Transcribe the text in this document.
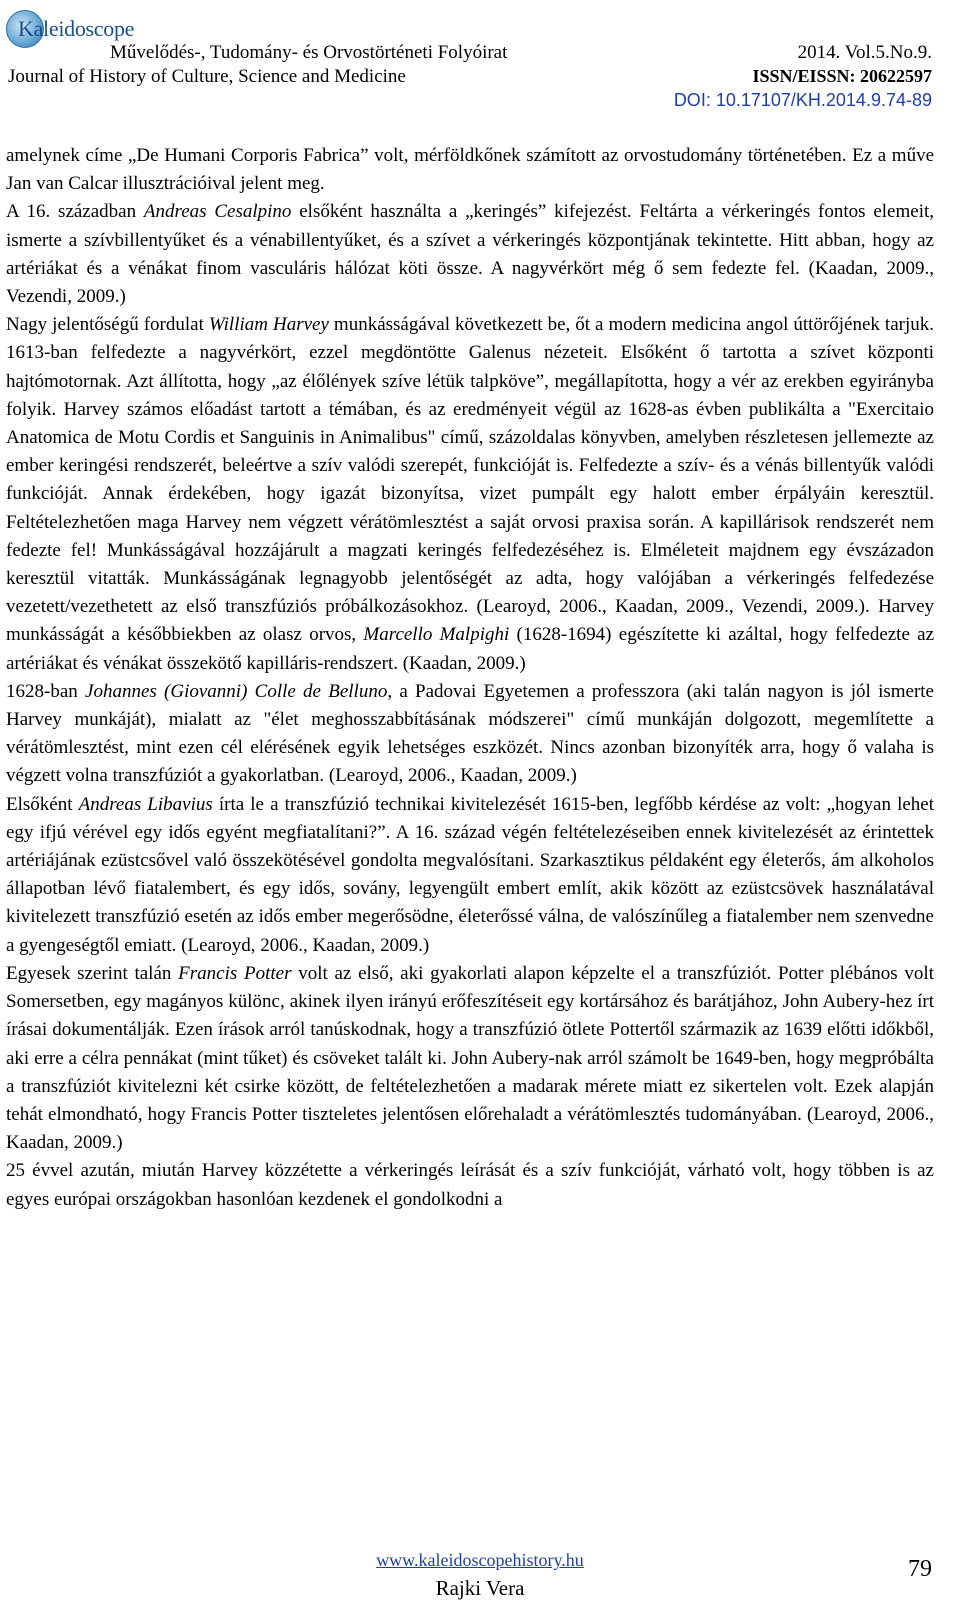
Kaleidoscope
Művelődés-, Tudomány- és Orvostörténeti Folyóirat
Journal of History of Culture, Science and Medicine
2014. Vol.5.No.9.
ISSN/EISSN: 20622597
DOI: 10.17107/KH.2014.9.74-89

amelynek címe „De Humani Corporis Fabrica” volt, mérföldkőnek számított az orvostudomány történetében. Ez a műve Jan van Calcar illusztrációival jelent meg.

A 16. században Andreas Cesalpino elsőként használta a „keringés” kifejezést. Feltárta a vérkeringés fontos elemeit, ismerte a szívbillentyűket és a vénabillentyűket, és a szívet a vérkeringés központjának tekintette. Hitt abban, hogy az artériákat és a vénákat finom vasculáris hálózat köti össze. A nagyvérkört még ő sem fedezte fel. (Kaadan, 2009., Vezendi, 2009.)

Nagy jelentőségű fordulat William Harvey munkásságával következett be, őt a modern medicina angol úttörőjének tarjuk. 1613-ban felfedezte a nagyvérkört, ezzel megdöntötte Galenus nézeteit. Elsőként ő tartotta a szívet központi hajtómotornak. Azt állította, hogy „az élőlények szíve létük talpköve”, megállapította, hogy a vér az erekben egyirányba folyik. Harvey számos előadást tartott a témában, és az eredményeit végül az 1628-as évben publikálta a "Exercitaio Anatomica de Motu Cordis et Sanguinis in Animalibus" című, százoldalas könyvben, amelyben részletesen jellemezte az ember keringési rendszerét, beleértve a szív valódi szerepét, funkcióját is. Felfedezte a szív- és a vénás billentyűk valódi funkcióját. Annak érdekében, hogy igazát bizonyítsa, vizet pumpált egy halott ember érpályáin keresztül. Feltételezhetően maga Harvey nem végzett vérátömlesztést a saját orvosi praxisa során. A kapillárisok rendszerét nem fedezte fel! Munkásságával hozzájárult a magzati keringés felfedezéséhez is. Elméleteit majdnem egy évszázadon keresztül vitatták. Munkásságának legnagyobb jelentőségét az adta, hogy valójában a vérkeringés felfedezése vezetett/vezethetett az első transzfúziós próbálkozásokhoz. (Learoyd, 2006., Kaadan, 2009., Vezendi, 2009.). Harvey munkásságát a későbbiekben az olasz orvos, Marcello Malpighi (1628-1694) egészítette ki azáltal, hogy felfedezte az artériákat és vénákat összekötő kapilláris-rendszert. (Kaadan, 2009.)

1628-ban Johannes (Giovanni) Colle de Belluno, a Padovai Egyetemen a professzora (aki talán nagyon is jól ismerte Harvey munkáját), mialatt az "élet meghosszabbításának módszerei" című munkáján dolgozott, megemlítette a vérátömlesztést, mint ezen cél elérésének egyik lehetséges eszközét. Nincs azonban bizonyíték arra, hogy ő valaha is végzett volna transzfúziót a gyakorlatban. (Learoyd, 2006., Kaadan, 2009.)

Elsőként Andreas Libavius írta le a transzfúzió technikai kivitelezését 1615-ben, legfőbb kérdése az volt: „hogyan lehet egy ifjú vérével egy idős egyént megfiatalítani?”. A 16. század végén feltételezéseiben ennek kivitelezését az érintettek artériájának ezüstcsővel való összekötésével gondolta megvalósítani. Szarkasztikus példaként egy életerős, ám alkoholos állapotban lévő fiatalembert, és egy idős, sovány, legyengült embert említ, akik között az ezüstcsövek használatával kivitelezett transzfúzió esetén az idős ember megerősödne, életerőssé válna, de valószínűleg a fiatalember nem szenvedne a gyengeségtől emiatt. (Learoyd, 2006., Kaadan, 2009.)

Egyesek szerint talán Francis Potter volt az első, aki gyakorlati alapon képzelte el a transzfúziót. Potter plébános volt Somersetben, egy magányos különc, akinek ilyen irányú erőfeszítéseit egy kortársához és barátjához, John Aubery-hez írt írásai dokumentálják. Ezen írások arról tanúskodnak, hogy a transzfúzió ötlete Pottertől származik az 1639 előtti időkből, aki erre a célra pennákat (mint tűket) és csöveket talált ki. John Aubery-nak arról számolt be 1649-ben, hogy megpróbálta a transzfúziót kivitelezni két csirke között, de feltételezhetően a madarak mérete miatt ez sikertelen volt. Ezek alapján tehát elmondható, hogy Francis Potter tiszteletes jelentősen előrehaladt a vérátömlesztés tudományában. (Learoyd, 2006., Kaadan, 2009.)

25 évvel azután, miután Harvey közzétette a vérkeringés leírását és a szív funkcióját, várható volt, hogy többen is az egyes európai országokban hasonlóan kezdenek el gondolkodni a

www.kaleidoscopehistory.hu
Rajki Vera
79
